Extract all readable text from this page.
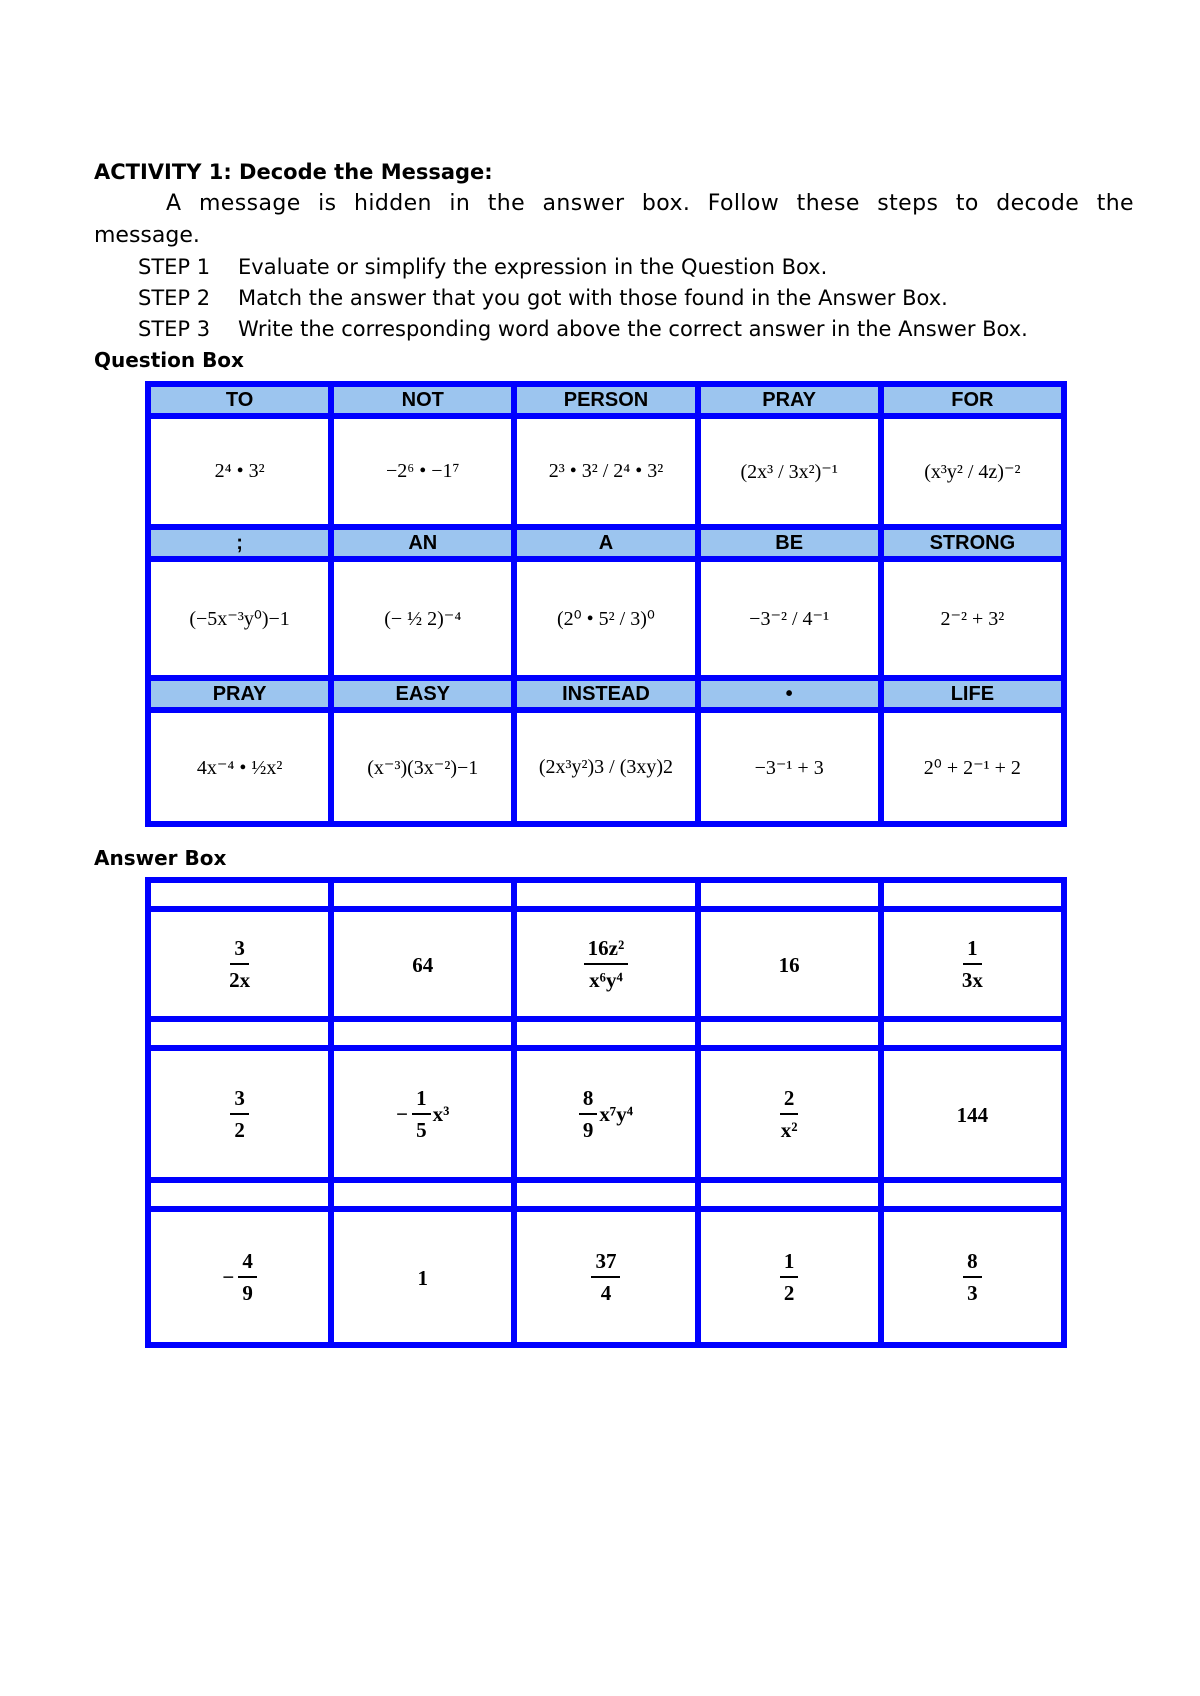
ACTIVITY 1: Decode the Message:
A message is hidden in the answer box. Follow these steps to decode the
message.
STEP 1 Evaluate or simplify the expression in the Question Box.
STEP 2 Match the answer that you got with those found in the Answer Box.
STEP 3 Write the corresponding word above the correct answer in the Answer Box.
Question Box
Answer Box
TO	NOT	PERSON	PRAY	FOR
2⁴ • 3²	−2⁶ • −1⁷	2³ • 3² / 2⁴ • 3²	(2x³ / 3x²)⁻¹	(x³y² / 4z)⁻²
;	AN	A	BE	STRONG
(−5x⁻³y⁰)−1	(− ½ 2)⁻⁴	(2⁰ • 5² / 3)⁰	−3⁻² / 4⁻¹	2⁻² + 3²
PRAY	EASY	INSTEAD	•	LIFE
4x⁻⁴ • ½x²	(x⁻³)(3x⁻²)−1	(2x³y²)3 / (3xy)2	−3⁻¹ + 3	2⁰ + 2⁻¹ + 2

$\frac{3}{2x}$	64	$\frac{\text{16z²}}{\text{x⁶y⁴}}$	16	$\frac{1}{3x}$

$\frac{3}{2}$	− $\frac{1}{5} x^3$	$\frac{8}{9} x^7y^4$	$\frac{2}{\text{x²}}$	144

− $\frac{4}{9}$	1	$\frac{37}{4}$	$\frac{1}{2}$	$\frac{8}{3}$
